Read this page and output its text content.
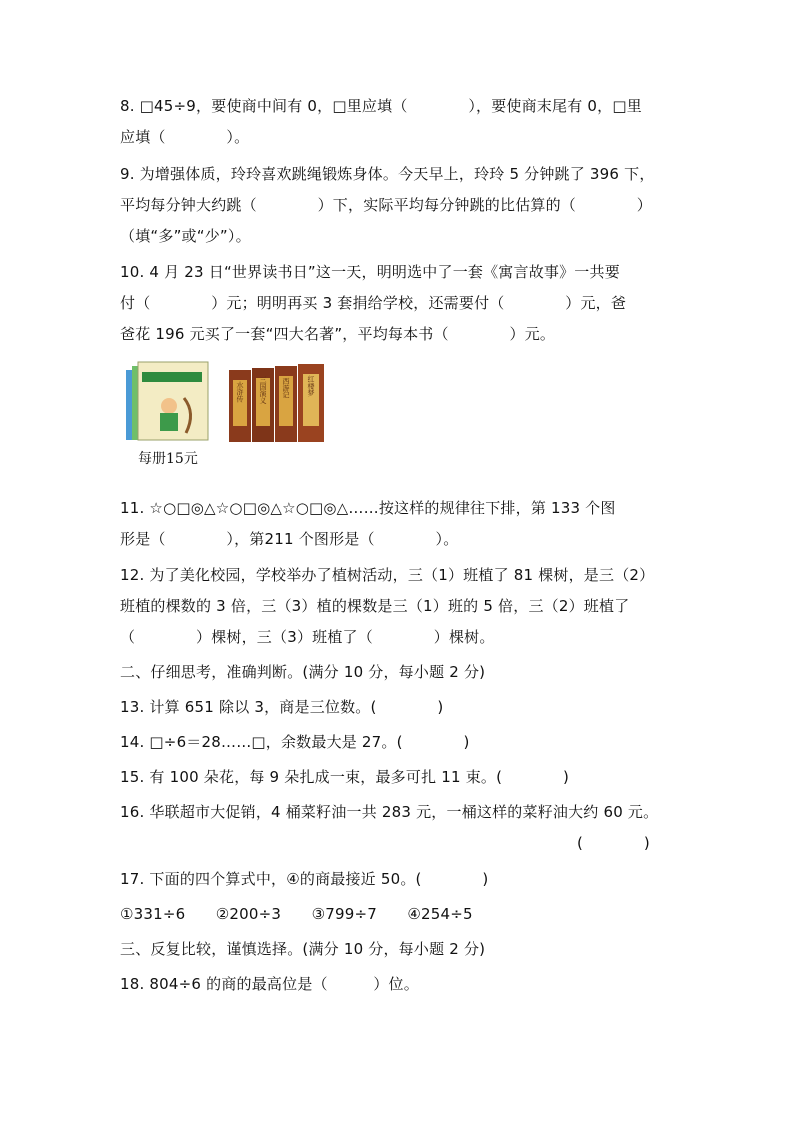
8. □45÷9，要使商中间有 0，□里应填（　　　　），要使商末尾有 0，□里
应填（　　　　）。
9. 为增强体质，玲玲喜欢跳绳锻炼身体。今天早上，玲玲 5 分钟跳了 396 下，
平均每分钟大约跳（　　　　）下，实际平均每分钟跳的比估算的（　　　　）
（填“多”或“少”）。
10. 4 月 23 日“世界读书日”这一天，明明选中了一套《寓言故事》一共要
付（　　　　）元；明明再买 3 套捐给学校，还需要付（　　　　）元，爸
爸花 196 元买了一套“四大名著”，平均每本书（　　　　）元。
水浒传 三国演义 西游记 红楼梦
每册15元
11. ☆○□◎△☆○□◎△☆○□◎△……按这样的规律往下排，第 133 个图
形是（　　　　），第211 个图形是（　　　　）。
12. 为了美化校园，学校举办了植树活动，三（1）班植了 81 棵树，是三（2）
班植的棵数的 3 倍，三（3）植的棵数是三（1）班的 5 倍，三（2）班植了
（　　　　）棵树，三（3）班植了（　　　　）棵树。
二、仔细思考，准确判断。(满分 10 分，每小题 2 分)
13. 计算 651 除以 3，商是三位数。(　　　　)
14. □÷6＝28……□，余数最大是 27。(　　　　)
15. 有 100 朵花，每 9 朵扎成一束，最多可扎 11 束。(　　　　)
16. 华联超市大促销，4 桶菜籽油一共 283 元，一桶这样的菜籽油大约 60 元。
(　　　　)
17. 下面的四个算式中，④的商最接近 50。(　　　　)
①331÷6　　②200÷3　　③799÷7　　④254÷5
三、反复比较，谨慎选择。(满分 10 分，每小题 2 分)
18. 804÷6 的商的最高位是（　　　）位。
